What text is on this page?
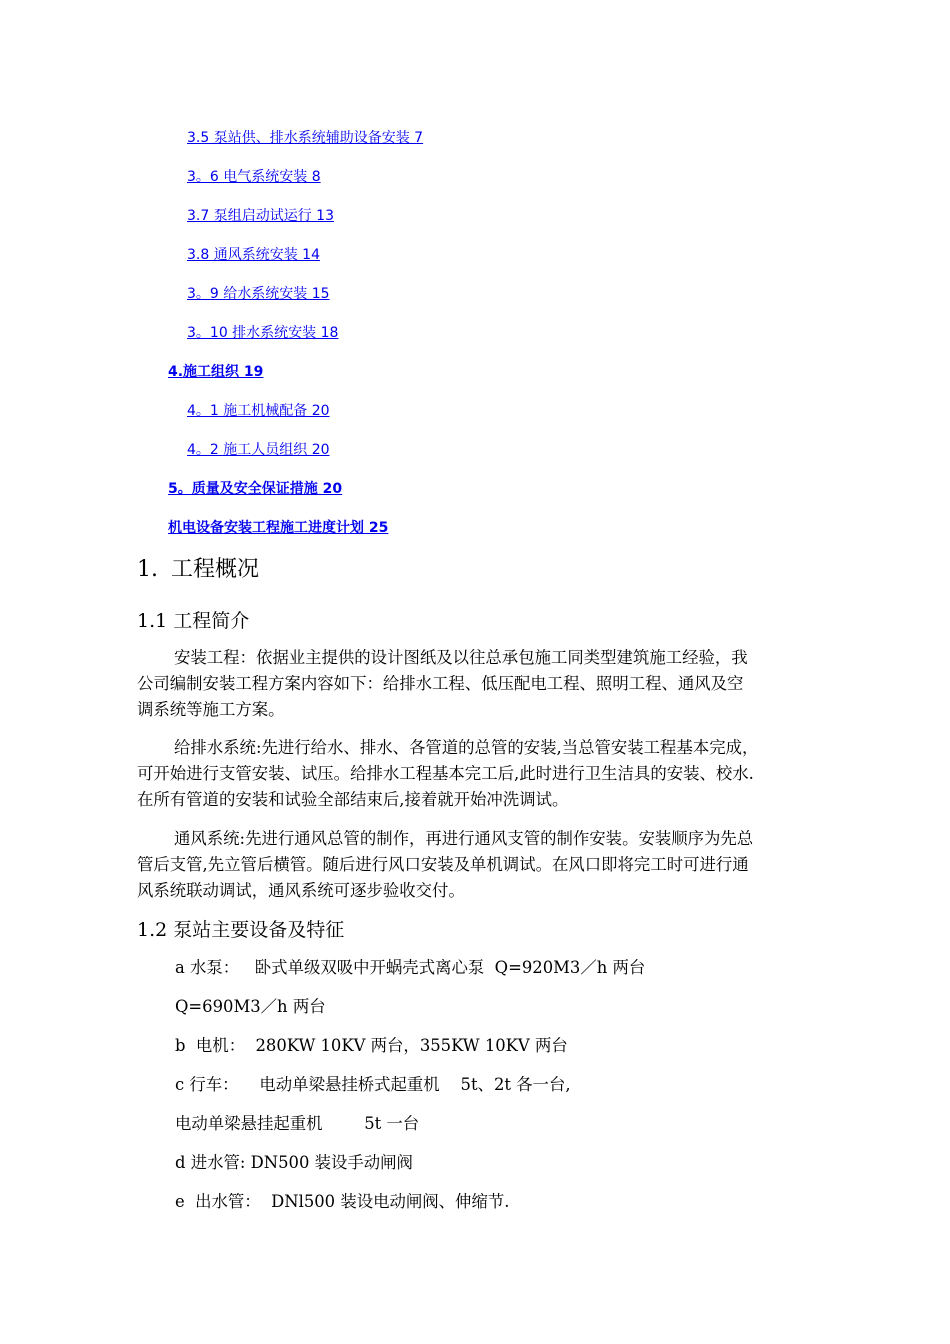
3.5 泵站供、排水系统辅助设备安装 7
3。6 电气系统安装 8
3.7 泵组启动试运行 13
3.8 通风系统安装 14
3。9 给水系统安装 15
3。10 排水系统安装 18
4.施工组织 19
4。1 施工机械配备 20
4。2 施工人员组织 20
5。质量及安全保证措施 20
机电设备安装工程施工进度计划 25
1. 工程概况
1.1 工程简介

安装工程：依据业主提供的设计图纸及以往总承包施工同类型建筑施工经验，我
公司编制安装工程方案内容如下：给排水工程、低压配电工程、照明工程、通风及空
调系统等施工方案。

给排水系统:先进行给水、排水、各管道的总管的安装,当总管安装工程基本完成，
可开始进行支管安装、试压。给排水工程基本完工后,此时进行卫生洁具的安装、校水.
在所有管道的安装和试验全部结束后,接着就开始冲洗调试。

通风系统:先进行通风总管的制作，再进行通风支管的制作安装。安装顺序为先总
管后支管,先立管后横管。随后进行风口安装及单机调试。在风口即将完工时可进行通
风系统联动调试，通风系统可逐步验收交付。

1.2 泵站主要设备及特征

a 水泵：   卧式单级双吸中开蜗壳式离心泵  Q=920M3／h 两台

Q=690M3／h 两台

b  电机：  280KW 10KV 两台，355KW 10KV 两台

c 行车：    电动单梁悬挂桥式起重机    5t、2t 各一台,

电动单梁悬挂起重机        5t 一台

d 进水管: DN500 装设手动闸阀

e  出水管：  DNl500 装设电动闸阀、伸缩节.
